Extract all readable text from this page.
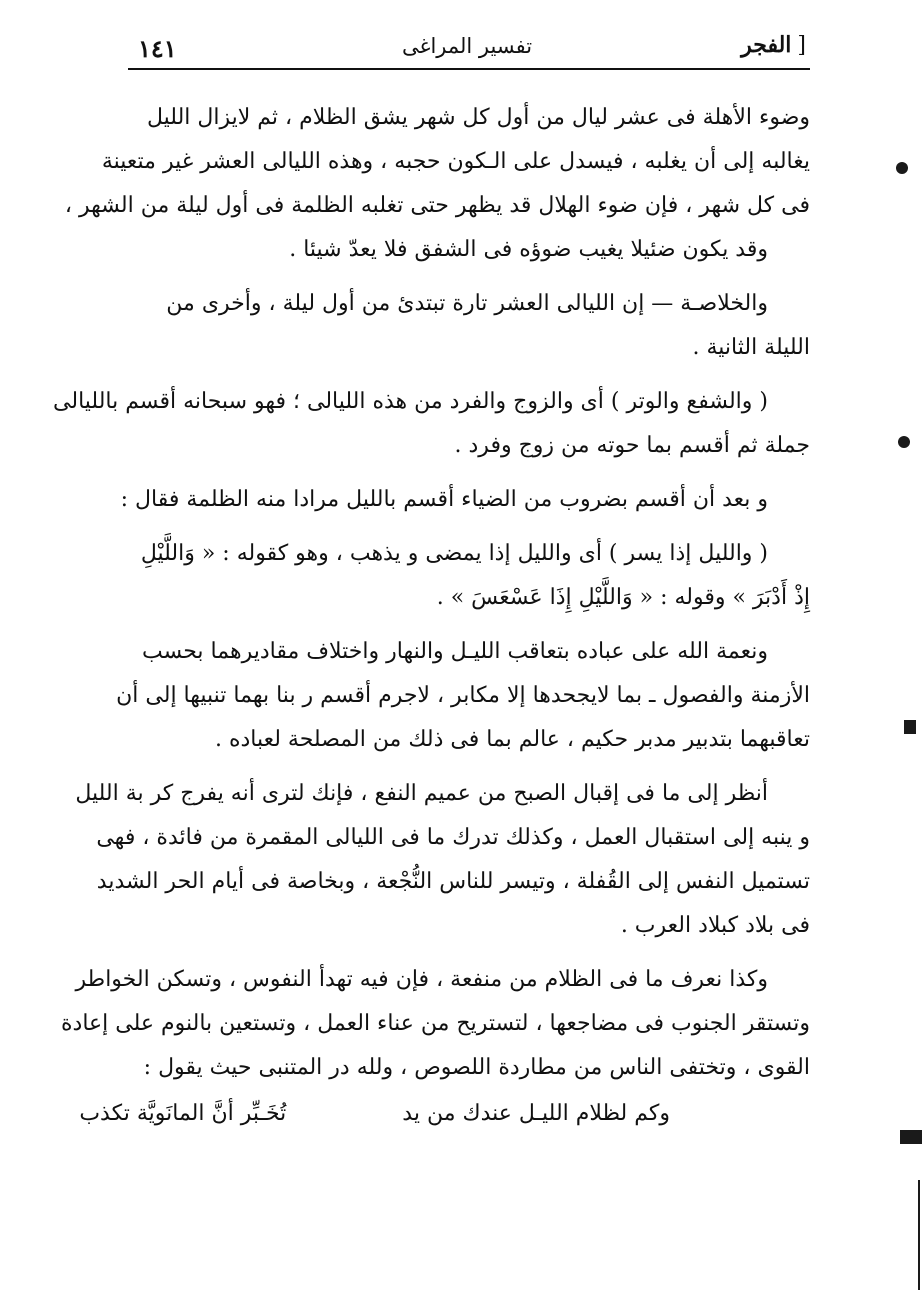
الفجر ]
تفسير المراغى
١٤١

وضوء الأهلة فى عشر ليال من أول كل شهر يشق الظلام ، ثم لايزال الليل
يغالبه إلى أن يغلبه ، فيسدل على الـكون حجبه ، وهذه الليالى العشر غير متعينة
فى كل شهر ، فإن ضوء الهلال قد يظهر حتى تغلبه الظلمة فى أول ليلة من الشهر ،
وقد يكون ضئيلا يغيب ضوؤه فى الشفق فلا يعدّ شيئا .

والخلاصـة — إن الليالى العشر تارة تبتدئ من أول ليلة ، وأخرى من
الليلة الثانية .

( والشفع والوتر ) أى والزوج والفرد من هذه الليالى ؛ فهو سبحانه أقسم بالليالى
جملة ثم أقسم بما حوته من زوج وفرد .

و بعد أن أقسم بضروب من الضياء أقسم بالليل مرادا منه الظلمة فقال :

( والليل إذا يسر ) أى والليل إذا يمضى و يذهب ، وهو كقوله : « وَاللَّيْلِ
إِذْ أَدْبَرَ » وقوله : « وَاللَّيْلِ إِذَا عَسْعَسَ » .

ونعمة الله على عباده بتعاقب الليـل والنهار واختلاف مقاديرهما بحسب
الأزمنة والفصول ـ بما لايجحدها إلا مكابر ، لاجرم أقسم ر بنا بهما تنبيها إلى أن
تعاقبهما بتدبير مدبر حكيم ، عالم بما فى ذلك من المصلحة لعباده .

أنظر إلى ما فى إقبال الصبح من عميم النفع ، فإنك لترى أنه يفرج كر بة الليل
و ينبه إلى استقبال العمل ، وكذلك تدرك ما فى الليالى المقمرة من فائدة ، فهى
تستميل النفس إلى القُفلة ، وتيسر للناس النُّجْعة ، وبخاصة فى أيام الحر الشديد
فى بلاد كبلاد العرب .

وكذا نعرف ما فى الظلام من منفعة ، فإن فيه تهدأ النفوس ، وتسكن الخواطر
وتستقر الجنوب فى مضاجعها ، لتستريح من عناء العمل ، وتستعين بالنوم على إعادة
القوى ، وتختفى الناس من مطاردة اللصوص ، ولله در المتنبى حيث يقول :

وكم لظلام الليـل عندك من يدتُخَـبِّر أنَّ المانَويَّة تكذب
